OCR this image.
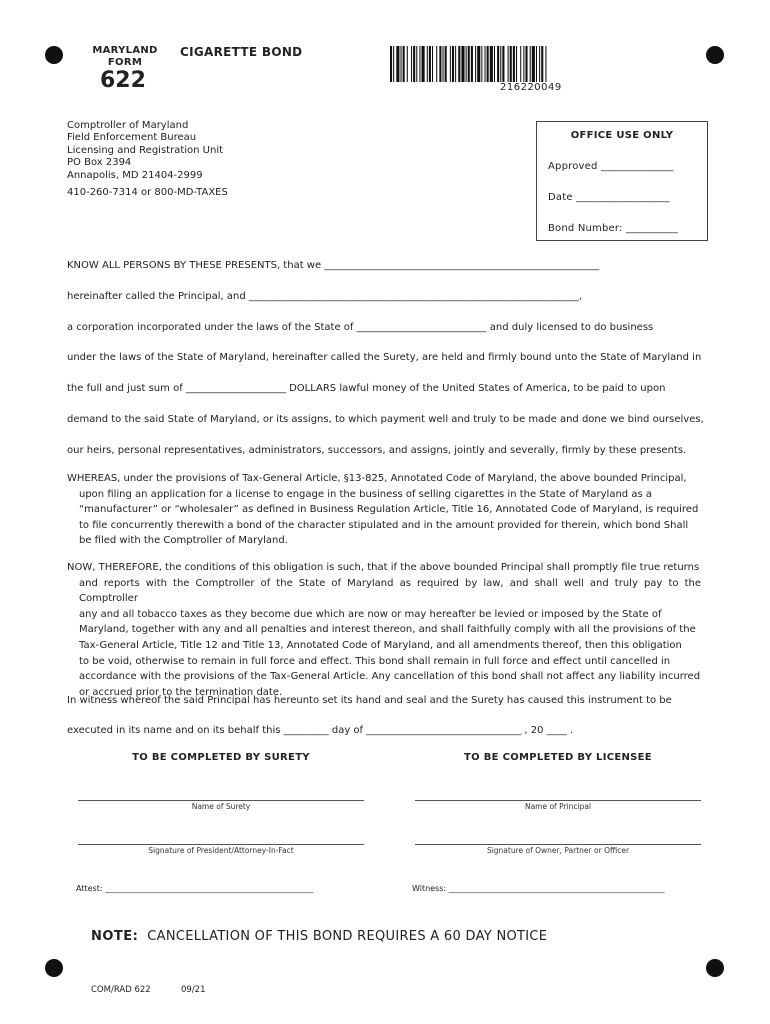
MARYLAND
FORM
622
CIGARETTE BOND
216220049
Comptroller of Maryland
Field Enforcement Bureau
Licensing and Registration Unit
PO Box 2394
Annapolis, MD 21404-2999
410-260-7314 or 800-MD-TAXES
OFFICE USE ONLY
Approved ______________
Date __________________
Bond Number: __________
KNOW ALL PERSONS BY THESE PRESENTS, that we _______________________________________________________
hereinafter called the Principal, and __________________________________________________________________,
a corporation incorporated under the laws of the State of __________________________ and duly licensed to do business
under the laws of the State of Maryland, hereinafter called the Surety, are held and firmly bound unto the State of Maryland in
the full and just sum of ____________________ DOLLARS lawful money of the United States of America, to be paid to upon
demand to the said State of Maryland, or its assigns, to which payment well and truly to be made and done we bind ourselves,
our heirs, personal representatives, administrators, successors, and assigns, jointly and severally, firmly by these presents.
WHEREAS, under the provisions of Tax-General Article, §13-825, Annotated Code of Maryland, the above bounded Principal,
upon filing an application for a license to engage in the business of selling cigarettes in the State of Maryland as a
“manufacturer” or “wholesaler” as defined in Business Regulation Article, Title 16, Annotated Code of Maryland, is required
to file concurrently therewith a bond of the character stipulated and in the amount provided for therein, which bond Shall
be filed with the Comptroller of Maryland.
NOW, THEREFORE, the conditions of this obligation is such, that if the above bounded Principal shall promptly file true returns
and reports with the Comptroller of the State of Maryland as required by law, and shall well and truly pay to the Comptroller
any and all tobacco taxes as they become due which are now or may hereafter be levied or imposed by the State of
Maryland, together with any and all penalties and interest thereon, and shall faithfully comply with all the provisions of the
Tax-General Article, Title 12 and Title 13, Annotated Code of Maryland, and all amendments thereof, then this obligation
to be void, otherwise to remain in full force and effect. This bond shall remain in full force and effect until cancelled in
accordance with the provisions of the Tax-General Article. Any cancellation of this bond shall not affect any liability incurred
or accrued prior to the termination date.
In witness whereof the said Principal has hereunto set its hand and seal and the Surety has caused this instrument to be
executed in its name and on its behalf this _________ day of _______________________________ , 20 ____ .
TO BE COMPLETED BY SURETY	TO BE COMPLETED BY LICENSEE
Name of Surety	Name of Principal
Signature of President/Attorney-In-Fact	Signature of Owner, Partner or Officer
Attest: ____________________________________________________	Witness: ______________________________________________________
NOTE: CANCELLATION OF THIS BOND REQUIRES A 60 DAY NOTICE
COM/RAD 622	09/21
